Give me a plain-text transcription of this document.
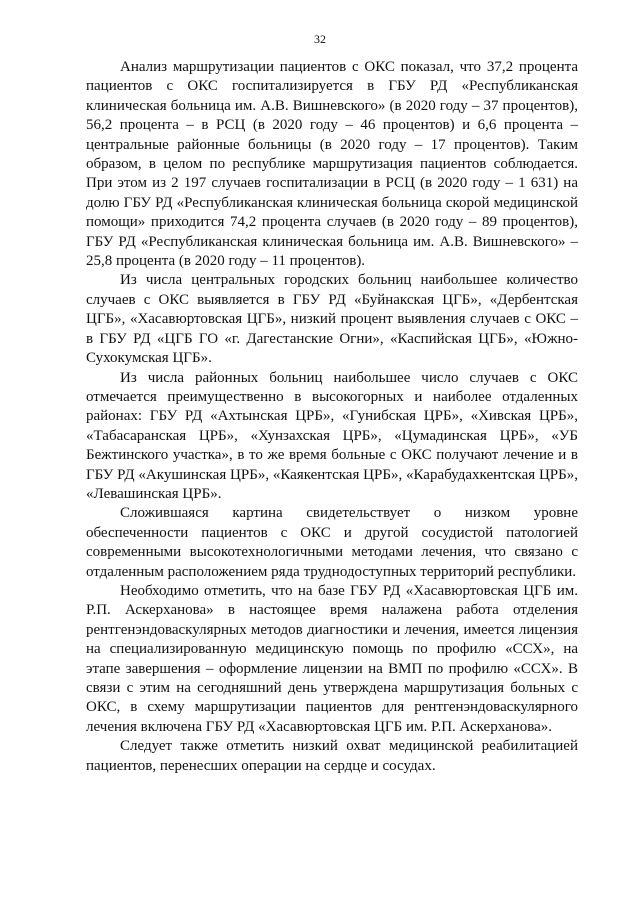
32

Анализ маршрутизации пациентов с ОКС показал, что 37,2 процента пациентов с ОКС госпитализируется в ГБУ РД «Республиканская клиническая больница им. А.В. Вишневского» (в 2020 году – 37 процентов), 56,2 процента – в РСЦ (в 2020 году – 46 процентов) и 6,6 процента – центральные районные больницы (в 2020 году – 17 процентов). Таким образом, в целом по республике маршрутизация пациентов соблюдается. При этом из 2 197 случаев госпитализации в РСЦ (в 2020 году – 1 631) на долю ГБУ РД «Республиканская клиническая больница скорой медицинской помощи» приходится 74,2 процента случаев (в 2020 году – 89 процентов), ГБУ РД «Республиканская клиническая больница им. А.В. Вишневского» – 25,8 процента (в 2020 году – 11 процентов).

Из числа центральных городских больниц наибольшее количество случаев с ОКС выявляется в ГБУ РД «Буйнакская ЦГБ», «Дербентская ЦГБ», «Хасавюртовская ЦГБ», низкий процент выявления случаев с ОКС – в ГБУ РД «ЦГБ ГО «г. Дагестанские Огни», «Каспийская ЦГБ», «Южно-Сухокумская ЦГБ».

Из числа районных больниц наибольшее число случаев с ОКС отмечается преимущественно в высокогорных и наиболее отдаленных районах: ГБУ РД «Ахтынская ЦРБ», «Гунибская ЦРБ», «Хивская ЦРБ», «Табасаранская ЦРБ», «Хунзахская ЦРБ», «Цумадинская ЦРБ», «УБ Бежтинского участка», в то же время больные с ОКС получают лечение и в ГБУ РД «Акушинская ЦРБ», «Каякентская ЦРБ», «Карабудахкентская ЦРБ», «Левашинская ЦРБ».

Сложившаяся картина свидетельствует о низком уровне обеспеченности пациентов с ОКС и другой сосудистой патологией современными высокотехнологичными методами лечения, что связано с отдаленным расположением ряда труднодоступных территорий республики.

Необходимо отметить, что на базе ГБУ РД «Хасавюртовская ЦГБ им. Р.П. Аскерханова» в настоящее время налажена работа отделения рентгенэндоваскулярных методов диагностики и лечения, имеется лицензия на специализированную медицинскую помощь по профилю «ССХ», на этапе завершения – оформление лицензии на ВМП по профилю «ССХ». В связи с этим на сегодняшний день утверждена маршрутизация больных с ОКС, в схему маршрутизации пациентов для рентгенэндоваскулярного лечения включена ГБУ РД «Хасавюртовская ЦГБ им. Р.П. Аскерханова».

Следует также отметить низкий охват медицинской реабилитацией пациентов, перенесших операции на сердце и сосудах.
